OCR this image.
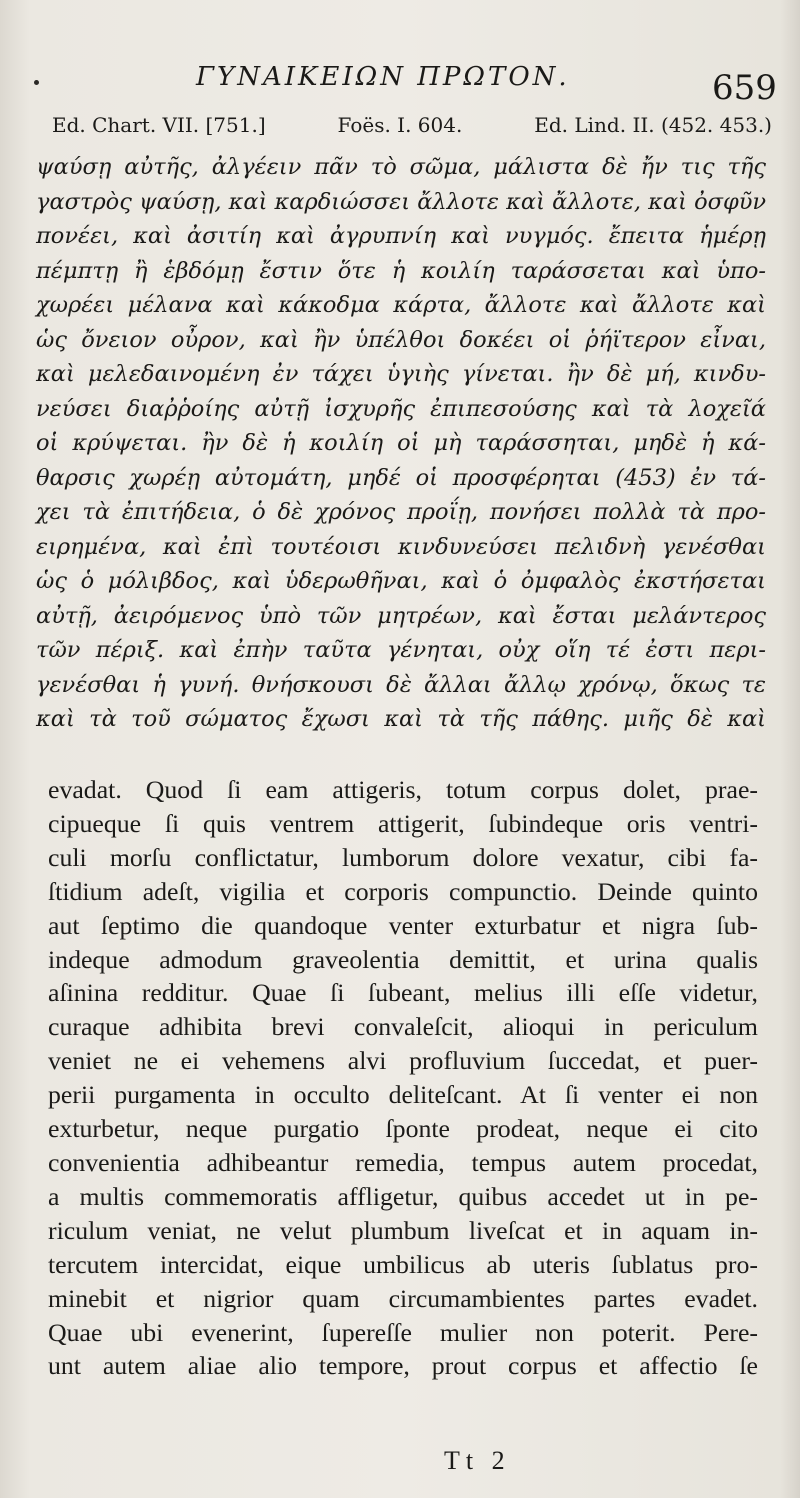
ΓΥΝΑΙΚΕΙΩΝ ΠΡΩΤΟΝ.	659
Ed. Chart. VII. [751.]	Foës. I. 604.	Ed. Lind. II. (452. 453.)
ψαύσῃ αὐτῆς, ἀλγέειν πᾶν τὸ σῶμα, μάλιστα δὲ ἤν τις τῆς
γαστρὸς ψαύσῃ, καὶ καρδιώσσει ἄλλοτε καὶ ἄλλοτε, καὶ ὀσφῦν
πονέει, καὶ ἀσιτίη καὶ ἀγρυπνίη καὶ νυγμός. ἔπειτα ἡμέρῃ
πέμπτῃ ἢ ἑβδόμῃ ἔστιν ὅτε ἡ κοιλίη ταράσσεται καὶ ὑπο-
χωρέει μέλανα καὶ κάκοδμα κάρτα, ἄλλοτε καὶ ἄλλοτε καὶ
ὡς ὄνειον οὖρον, καὶ ἢν ὑπέλθοι δοκέει οἱ ῥήϊτερον εἶναι,
καὶ μελεδαινομένη ἐν τάχει ὑγιὴς γίνεται. ἢν δὲ μή, κινδυ-
νεύσει διαῤῥοίης αὐτῇ ἰσχυρῆς ἐπιπεσούσης καὶ τὰ λοχεῖά
οἱ κρύψεται. ἢν δὲ ἡ κοιλίη οἱ μὴ ταράσσηται, μηδὲ ἡ κά-
θαρσις χωρέῃ αὐτομάτη, μηδέ οἱ προσφέρηται (453) ἐν τά-
χει τὰ ἐπιτήδεια, ὁ δὲ χρόνος προΐῃ, πονήσει πολλὰ τὰ προ-
ειρημένα, καὶ ἐπὶ τουτέοισι κινδυνεύσει πελιδνὴ γενέσθαι
ὡς ὁ μόλιβδος, καὶ ὑδερωθῆναι, καὶ ὁ ὀμφαλὸς ἐκστήσεται
αὐτῇ, ἀειρόμενος ὑπὸ τῶν μητρέων, καὶ ἔσται μελάντερος
τῶν πέριξ. καὶ ἐπὴν ταῦτα γένηται, οὐχ οἵη τέ ἐστι περι-
γενέσθαι ἡ γυνή. θνήσκουσι δὲ ἄλλαι ἄλλῳ χρόνῳ, ὅκως τε
καὶ τὰ τοῦ σώματος ἔχωσι καὶ τὰ τῆς πάθης. μιῆς δὲ καὶ
evadat. Quod ſi eam attigeris, totum corpus dolet, prae-
cipueque ſi quis ventrem attigerit, ſubindeque oris ventri-
culi morſu conflictatur, lumborum dolore vexatur, cibi fa-
ſtidium adeſt, vigilia et corporis compunctio. Deinde quinto
aut ſeptimo die quandoque venter exturbatur et nigra ſub-
indeque admodum graveolentia demittit, et urina qualis
aſinina redditur. Quae ſi ſubeant, melius illi eſſe videtur,
curaque adhibita brevi convaleſcit, alioqui in periculum
veniet ne ei vehemens alvi profluvium ſuccedat, et puer-
perii purgamenta in occulto deliteſcant. At ſi venter ei non
exturbetur, neque purgatio ſponte prodeat, neque ei cito
convenientia adhibeantur remedia, tempus autem procedat,
a multis commemoratis affligetur, quibus accedet ut in pe-
riculum veniat, ne velut plumbum liveſcat et in aquam in-
tercutem intercidat, eique umbilicus ab uteris ſublatus pro-
minebit et nigrior quam circumambientes partes evadet.
Quae ubi evenerint, ſupereſſe mulier non poterit. Pere-
unt autem aliae alio tempore, prout corpus et affectio ſe
Tt 2
